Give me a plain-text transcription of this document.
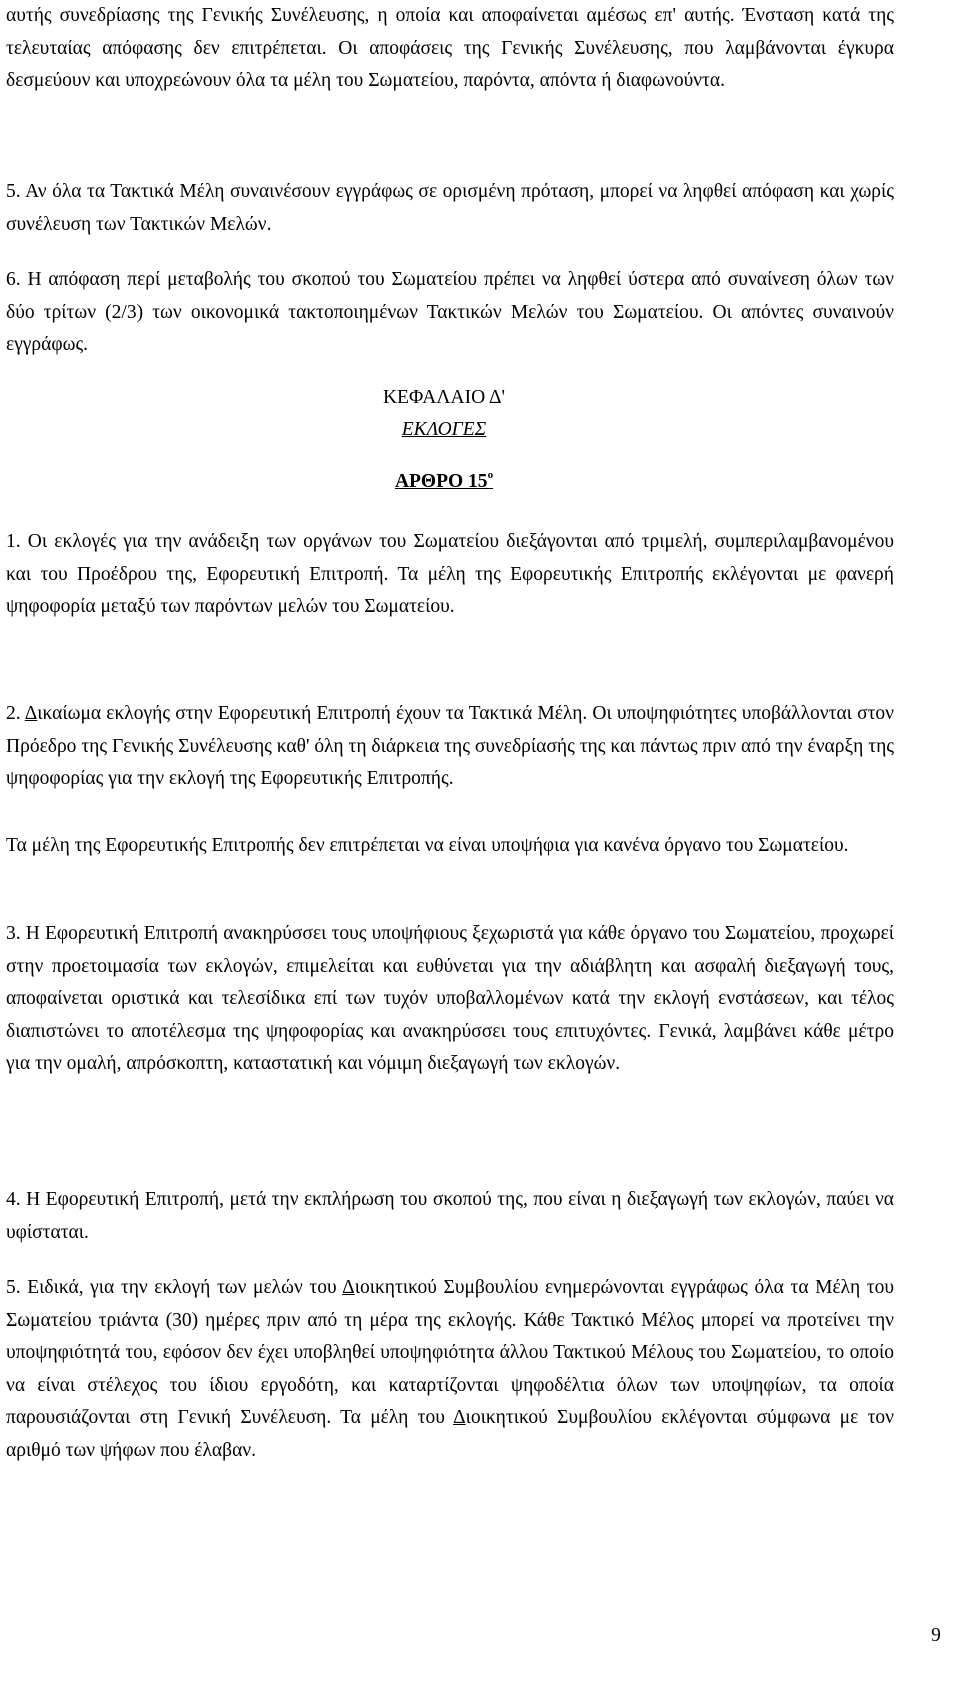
αυτής συνεδρίασης της Γενικής Συνέλευσης, η οποία και αποφαίνεται αμέσως επ' αυτής. Ένσταση κατά της τελευταίας απόφασης δεν επιτρέπεται. Οι αποφάσεις της Γενικής Συνέλευσης, που λαμβάνονται έγκυρα δεσμεύουν και υποχρεώνουν όλα τα μέλη του Σωματείου, παρόντα, απόντα ή διαφωνούντα.

5. Αν όλα τα Τακτικά Μέλη συναινέσουν εγγράφως σε ορισμένη πρόταση, μπορεί να ληφθεί απόφαση και χωρίς συνέλευση των Τακτικών Μελών.

6. Η απόφαση περί μεταβολής του σκοπού του Σωματείου πρέπει να ληφθεί ύστερα από συναίνεση όλων των δύο τρίτων (2/3) των οικονομικά τακτοποιημένων Τακτικών Μελών του Σωματείου. Οι απόντες συναινούν εγγράφως.

ΚΕΦΑΛΑΙΟ Δ'

ΕΚΛΟΓΕΣ

ΑΡΘΡΟ $15^o$

1. Οι εκλογές για την ανάδειξη των οργάνων του Σωματείου διεξάγονται από τριμελή, συμπεριλαμβανομένου και του Προέδρου της, Εφορευτική Επιτροπή. Τα μέλη της Εφορευτικής Επιτροπής εκλέγονται με φανερή ψηφοφορία μεταξύ των παρόντων μελών του Σωματείου.

2. Δικαίωμα εκλογής στην Εφορευτική Επιτροπή έχουν τα Τακτικά Μέλη. Οι υποψηφιότητες υποβάλλονται στον Πρόεδρο της Γενικής Συνέλευσης καθ' όλη τη διάρκεια της συνεδρίασής της και πάντως πριν από την έναρξη της ψηφοφορίας για την εκλογή της Εφορευτικής Επιτροπής.

Τα μέλη της Εφορευτικής Επιτροπής δεν επιτρέπεται να είναι υποψήφια για κανένα όργανο του Σωματείου.

3. Η Εφορευτική Επιτροπή ανακηρύσσει τους υποψήφιους ξεχωριστά για κάθε όργανο του Σωματείου, προχωρεί στην προετοιμασία των εκλογών, επιμελείται και ευθύνεται για την αδιάβλητη και ασφαλή διεξαγωγή τους, αποφαίνεται οριστικά και τελεσίδικα επί των τυχόν υποβαλλομένων κατά την εκλογή ενστάσεων, και τέλος διαπιστώνει το αποτέλεσμα της ψηφοφορίας και ανακηρύσσει τους επιτυχόντες. Γενικά, λαμβάνει κάθε μέτρο για την ομαλή, απρόσκοπτη, καταστατική και νόμιμη διεξαγωγή των εκλογών.

4. Η Εφορευτική Επιτροπή, μετά την εκπλήρωση του σκοπού της, που είναι η διεξαγωγή των εκλογών, παύει να υφίσταται.

5. Ειδικά, για την εκλογή των μελών του Διοικητικού Συμβουλίου ενημερώνονται εγγράφως όλα τα Μέλη του Σωματείου τριάντα (30) ημέρες πριν από τη μέρα της εκλογής. Κάθε Τακτικό Μέλος μπορεί να προτείνει την υποψηφιότητά του, εφόσον δεν έχει υποβληθεί υποψηφιότητα άλλου Τακτικού Μέλους του Σωματείου, το οποίο να είναι στέλεχος του ίδιου εργοδότη, και καταρτίζονται ψηφοδέλτια όλων των υποψηφίων, τα οποία παρουσιάζονται στη Γενική Συνέλευση. Τα μέλη του Διοικητικού Συμβουλίου εκλέγονται σύμφωνα με τον αριθμό των ψήφων που έλαβαν.

9
